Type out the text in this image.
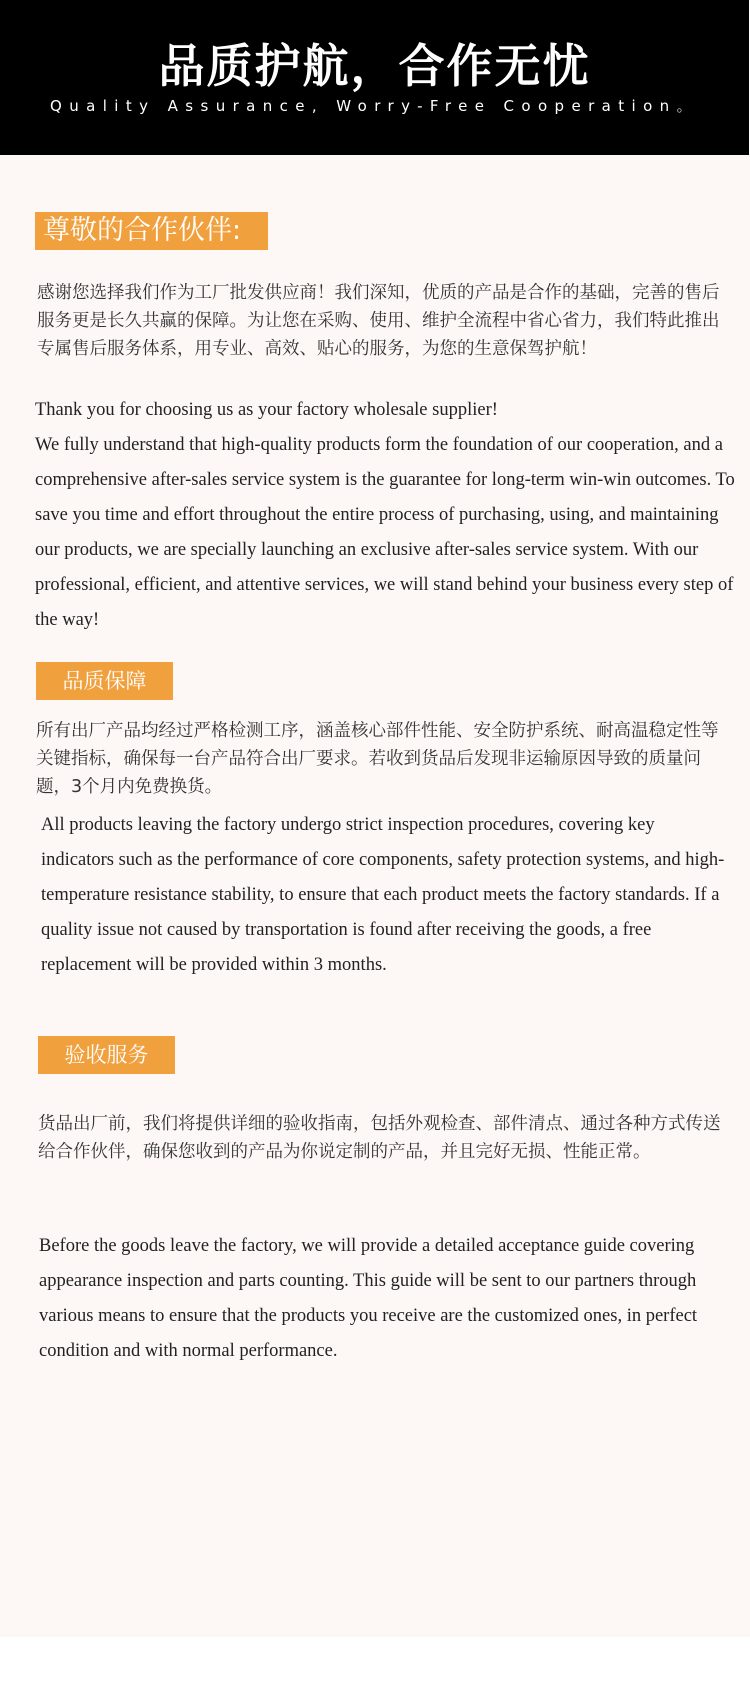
品质护航，合作无忧
Quality Assurance, Worry-Free Cooperation。
尊敬的合作伙伴:

感谢您选择我们作为工厂批发供应商！我们深知，优质的产品是合作的基础，完善的售后服务更是长久共赢的保障。为让您在采购、使用、维护全流程中省心省力，我们特此推出专属售后服务体系，用专业、高效、贴心的服务，为您的生意保驾护航！

Thank you for choosing us as your factory wholesale supplier!

We fully understand that high-quality products form the foundation of our cooperation, and a comprehensive after-sales service system is the guarantee for long-term win-win outcomes. To save you time and effort throughout the entire process of purchasing, using, and maintaining our products, we are specially launching an exclusive after-sales service system. With our professional, efficient, and attentive services, we will stand behind your business every step of the way!

品质保障

所有出厂产品均经过严格检测工序，涵盖核心部件性能、安全防护系统、耐高温稳定性等关键指标，确保每一台产品符合出厂要求。若收到货品后发现非运输原因导致的质量问题，3个月内免费换货。

All products leaving the factory undergo strict inspection procedures, covering key indicators such as the performance of core components, safety protection systems, and high-temperature resistance stability, to ensure that each product meets the factory standards. If a quality issue not caused by transportation is found after receiving the goods, a free replacement will be provided within 3 months.

验收服务

货品出厂前，我们将提供详细的验收指南，包括外观检查、部件清点、通过各种方式传送给合作伙伴，确保您收到的产品为你说定制的产品，并且完好无损、性能正常。

Before the goods leave the factory, we will provide a detailed acceptance guide covering appearance inspection and parts counting. This guide will be sent to our partners through various means to ensure that the products you receive are the customized ones, in perfect condition and with normal performance.
